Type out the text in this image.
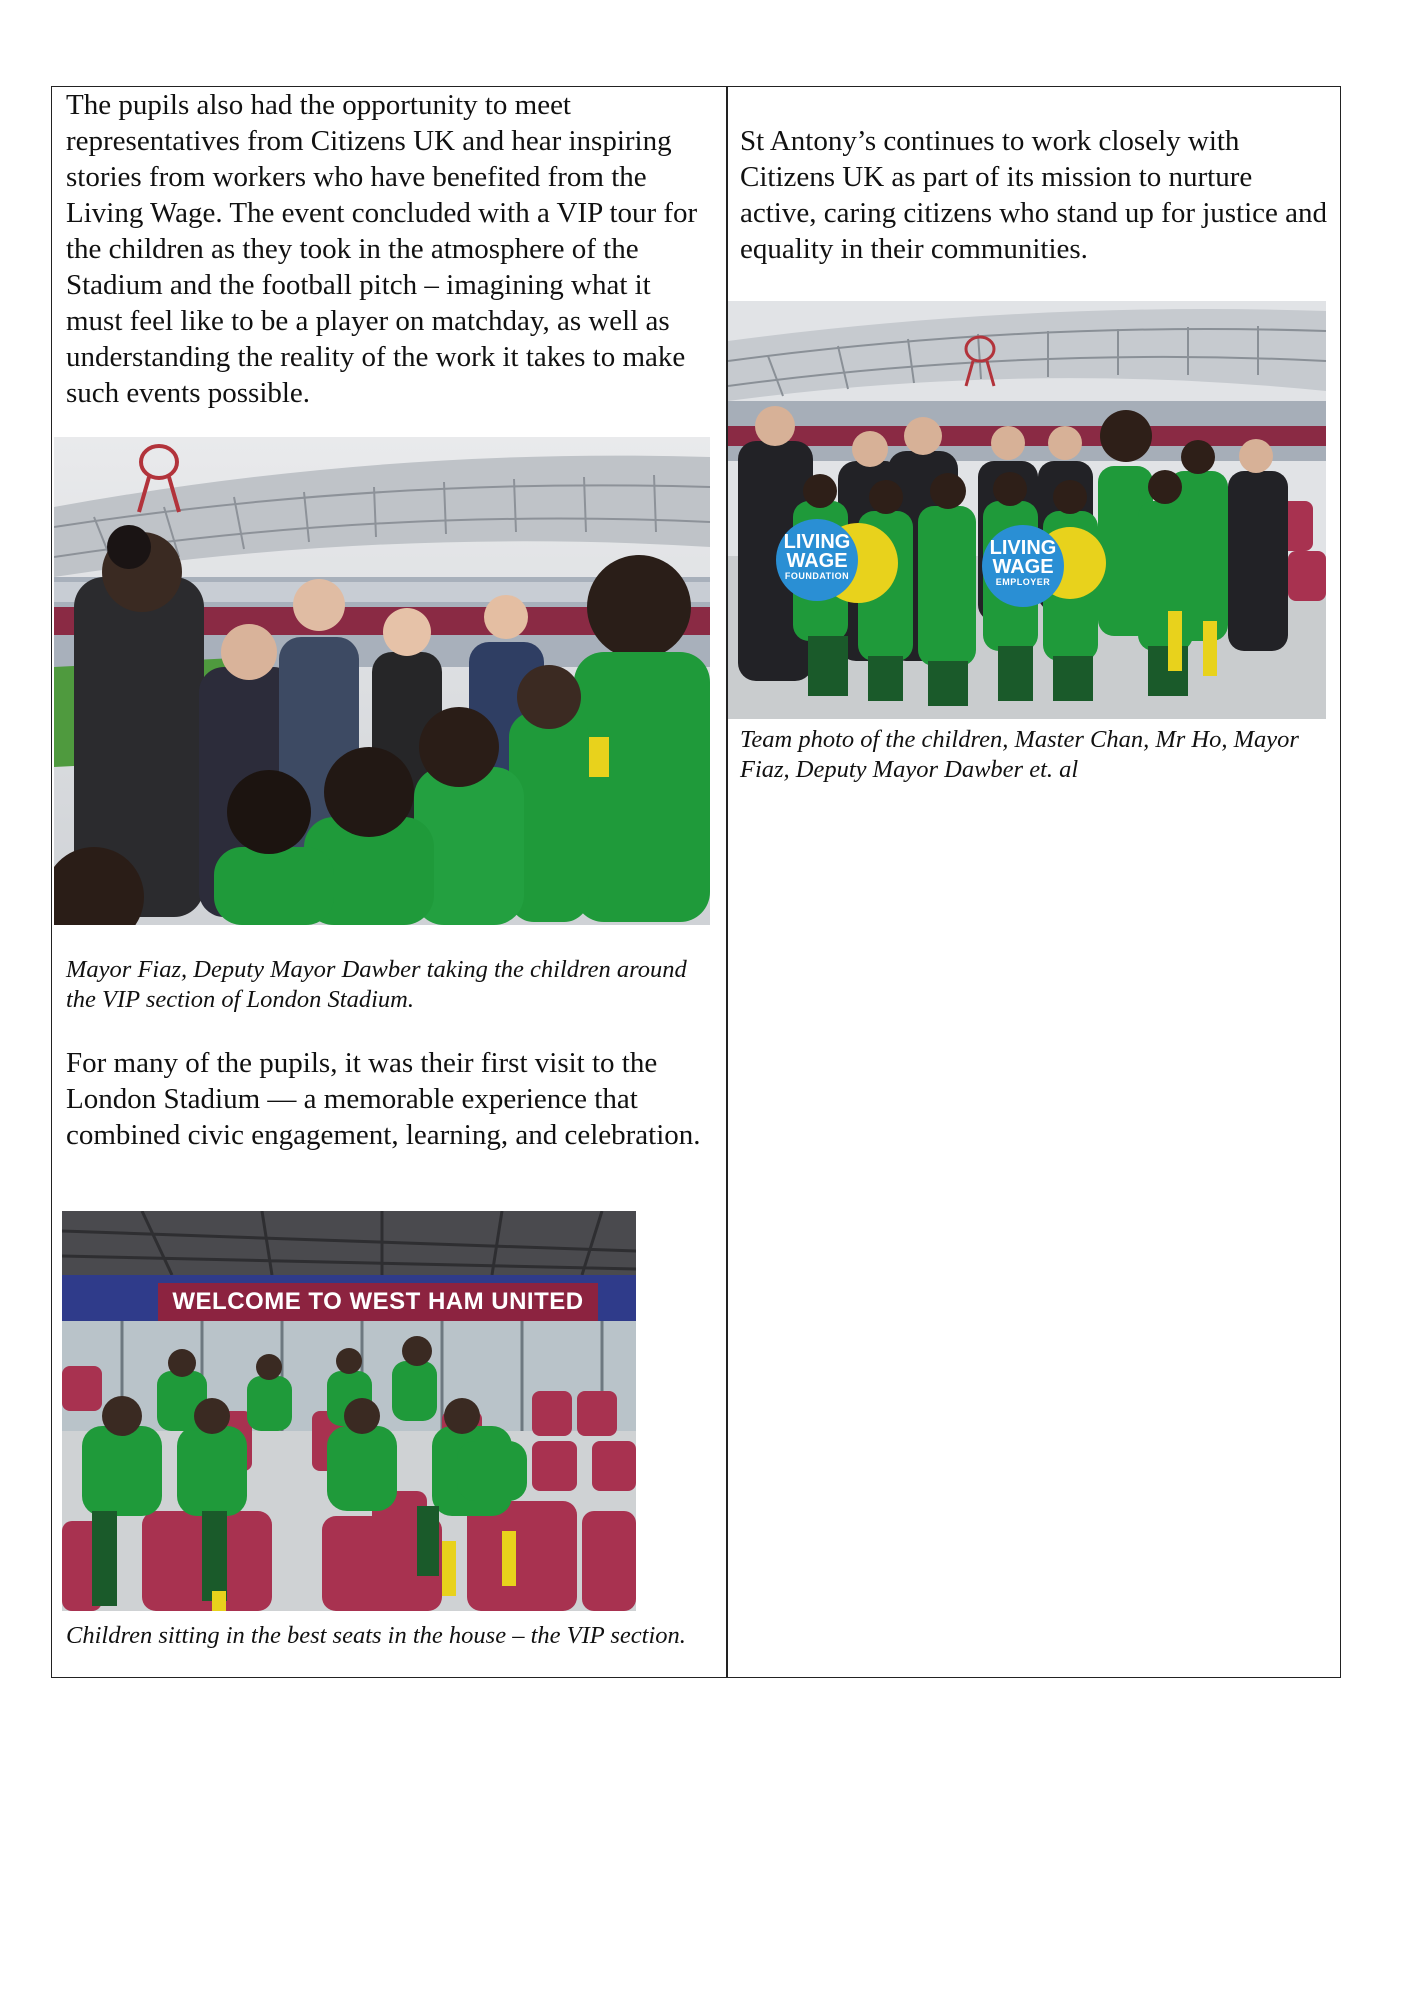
The pupils also had the opportunity to meet representatives from Citizens UK and hear inspiring stories from workers who have benefited from the Living Wage. The event concluded with a VIP tour for the children as they took in the atmosphere of the Stadium and the football pitch – imagining what it must feel like to be a player on matchday, as well as understanding the reality of the work it takes to make such events possible.

Mayor Fiaz, Deputy Mayor Dawber taking the children around the VIP section of London Stadium.

For many of the pupils, it was their first visit to the London Stadium — a memorable experience that combined civic engagement, learning, and celebration.

WELCOME TO WEST HAM UNITED

Children sitting in the best seats in the house – the VIP section.

St Antony’s continues to work closely with Citizens UK as part of its mission to nurture active, caring citizens who stand up for justice and equality in their communities.

LIVING
WAGE
FOUNDATION
LIVING
WAGE
EMPLOYER

Team photo of the children, Master Chan, Mr Ho, Mayor Fiaz, Deputy Mayor Dawber et. al
